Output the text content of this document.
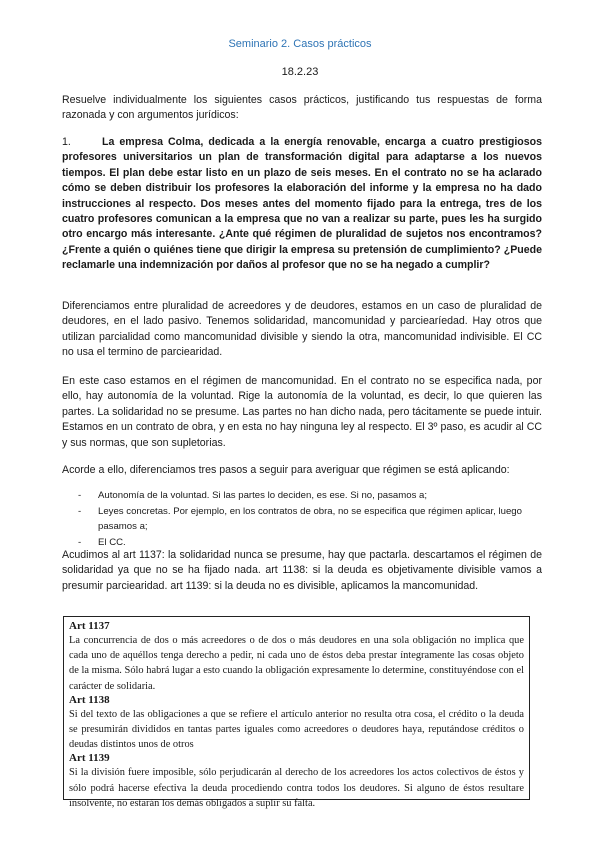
Seminario 2. Casos prácticos
18.2.23
Resuelve individualmente los siguientes casos prácticos, justificando tus respuestas de forma razonada y con argumentos jurídicos:
1.	La empresa Colma, dedicada a la energía renovable, encarga a cuatro prestigiosos profesores universitarios un plan de transformación digital para adaptarse a los nuevos tiempos. El plan debe estar listo en un plazo de seis meses. En el contrato no se ha aclarado cómo se deben distribuir los profesores la elaboración del informe y la empresa no ha dado instrucciones al respecto. Dos meses antes del momento fijado para la entrega, tres de los cuatro profesores comunican a la empresa que no van a realizar su parte, pues les ha surgido otro encargo más interesante. ¿Ante qué régimen de pluralidad de sujetos nos encontramos? ¿Frente a quién o quiénes tiene que dirigir la empresa su pretensión de cumplimiento? ¿Puede reclamarle una indemnización por daños al profesor que no se ha negado a cumplir?
Diferenciamos entre pluralidad de acreedores y de deudores, estamos en un caso de pluralidad de deudores, en el lado pasivo. Tenemos solidaridad, mancomunidad y parciearíedad. Hay otros que utilizan parcialidad como mancomunidad divisible y siendo la otra, mancomunidad indivisible. El CC no usa el termino de parciearidad.
En este caso estamos en el régimen de mancomunidad. En el contrato no se especifica nada, por ello, hay autonomía de la voluntad. Rige la autonomía de la voluntad, es decir, lo que quieren las partes. La solidaridad no se presume. Las partes no han dicho nada, pero tácitamente se puede intuir. Estamos en un contrato de obra, y en esta no hay ninguna ley al respecto. El 3º paso, es acudir al CC y sus normas, que son supletorias.
Acorde a ello, diferenciamos tres pasos a seguir para averiguar que régimen se está aplicando:
- Autonomía de la voluntad. Si las partes lo deciden, es ese. Si no, pasamos a;
- Leyes concretas. Por ejemplo, en los contratos de obra, no se especifica que régimen aplicar, luego pasamos a;
- El CC.
Acudimos al art 1137: la solidaridad nunca se presume, hay que pactarla. descartamos el régimen de solidaridad ya que no se ha fijado nada. art 1138: si la deuda es objetivamente divisible vamos a presumir parciearidad. art 1139: si la deuda no es divisible, aplicamos la mancomunidad.
Art 1137
La concurrencia de dos o más acreedores o de dos o más deudores en una sola obligación no implica que cada uno de aquéllos tenga derecho a pedir, ni cada uno de éstos deba prestar íntegramente las cosas objeto de la misma. Sólo habrá lugar a esto cuando la obligación expresamente lo determine, constituyéndose con el carácter de solidaria.
Art 1138
Si del texto de las obligaciones a que se refiere el artículo anterior no resulta otra cosa, el crédito o la deuda se presumirán divididos en tantas partes iguales como acreedores o deudores haya, reputándose créditos o deudas distintos unos de otros
Art 1139
Si la división fuere imposible, sólo perjudicarán al derecho de los acreedores los actos colectivos de éstos y sólo podrá hacerse efectiva la deuda procediendo contra todos los deudores. Si alguno de éstos resultare insolvente, no estarán los demás obligados a suplir su falta.
